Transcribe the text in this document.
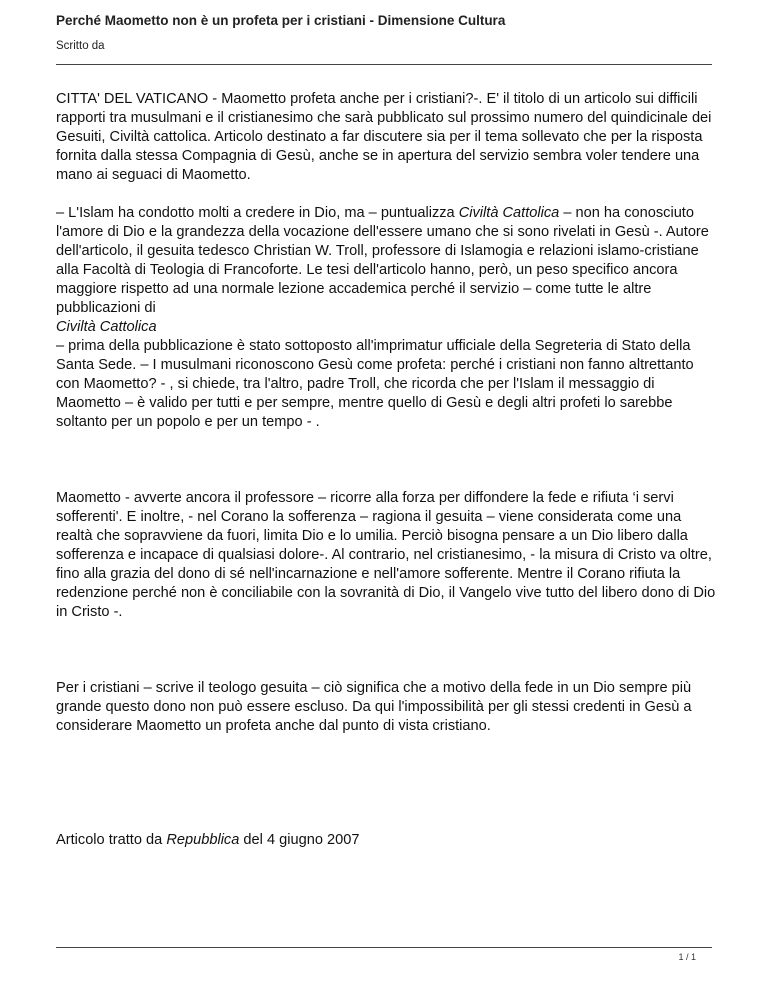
Perché Maometto non è un profeta per i cristiani - Dimensione Cultura
Scritto da

CITTA' DEL VATICANO - Maometto profeta anche per i cristiani?-. E' il titolo di un articolo sui difficili rapporti tra musulmani e il cristianesimo che sarà pubblicato sul prossimo numero del quindicinale dei Gesuiti, Civiltà cattolica. Articolo destinato a far discutere sia per il tema sollevato che per la risposta fornita dalla stessa Compagnia di Gesù, anche se in apertura del servizio sembra voler tendere una mano ai seguaci di Maometto.

– L'Islam ha condotto molti a credere in Dio, ma – puntualizza Civiltà Cattolica – non ha conosciuto l'amore di Dio e la grandezza della vocazione dell'essere umano che si sono rivelati in Gesù -. Autore dell'articolo, il gesuita tedesco Christian W. Troll, professore di Islamogia e relazioni islamo-cristiane alla Facoltà di Teologia di Francoforte. Le tesi dell'articolo hanno, però, un peso specifico ancora maggiore rispetto ad una normale lezione accademica perché il servizio – come tutte le altre pubblicazioni di
Civiltà Cattolica
– prima della pubblicazione è stato sottoposto all'imprimatur ufficiale della Segreteria di Stato della Santa Sede. – I musulmani riconoscono Gesù come profeta: perché i cristiani non fanno altrettanto con Maometto? - , si chiede, tra l'altro, padre Troll, che ricorda che per l'Islam il messaggio di Maometto – è valido per tutti e per sempre, mentre quello di Gesù e degli altri profeti lo sarebbe soltanto per un popolo e per un tempo - .

Maometto - avverte ancora il professore – ricorre alla forza per diffondere la fede e rifiuta ‘i servi sofferenti'. E inoltre, - nel Corano la sofferenza – ragiona il gesuita – viene considerata come una realtà che sopravviene da fuori, limita Dio e lo umilia. Perciò bisogna pensare a un Dio libero dalla sofferenza e incapace di qualsiasi dolore-. Al contrario, nel cristianesimo, - la misura di Cristo va oltre, fino alla grazia del dono di sé nell'incarnazione e nell'amore sofferente. Mentre il Corano rifiuta la redenzione perché non è conciliabile con la sovranità di Dio, il Vangelo vive tutto del libero dono di Dio in Cristo -.

Per i cristiani – scrive il teologo gesuita – ciò significa che a motivo della fede in un Dio sempre più grande questo dono non può essere escluso. Da qui l'impossibilità per gli stessi credenti in Gesù a considerare Maometto un profeta anche dal punto di vista cristiano.

Articolo tratto da Repubblica del 4 giugno 2007

1 / 1
